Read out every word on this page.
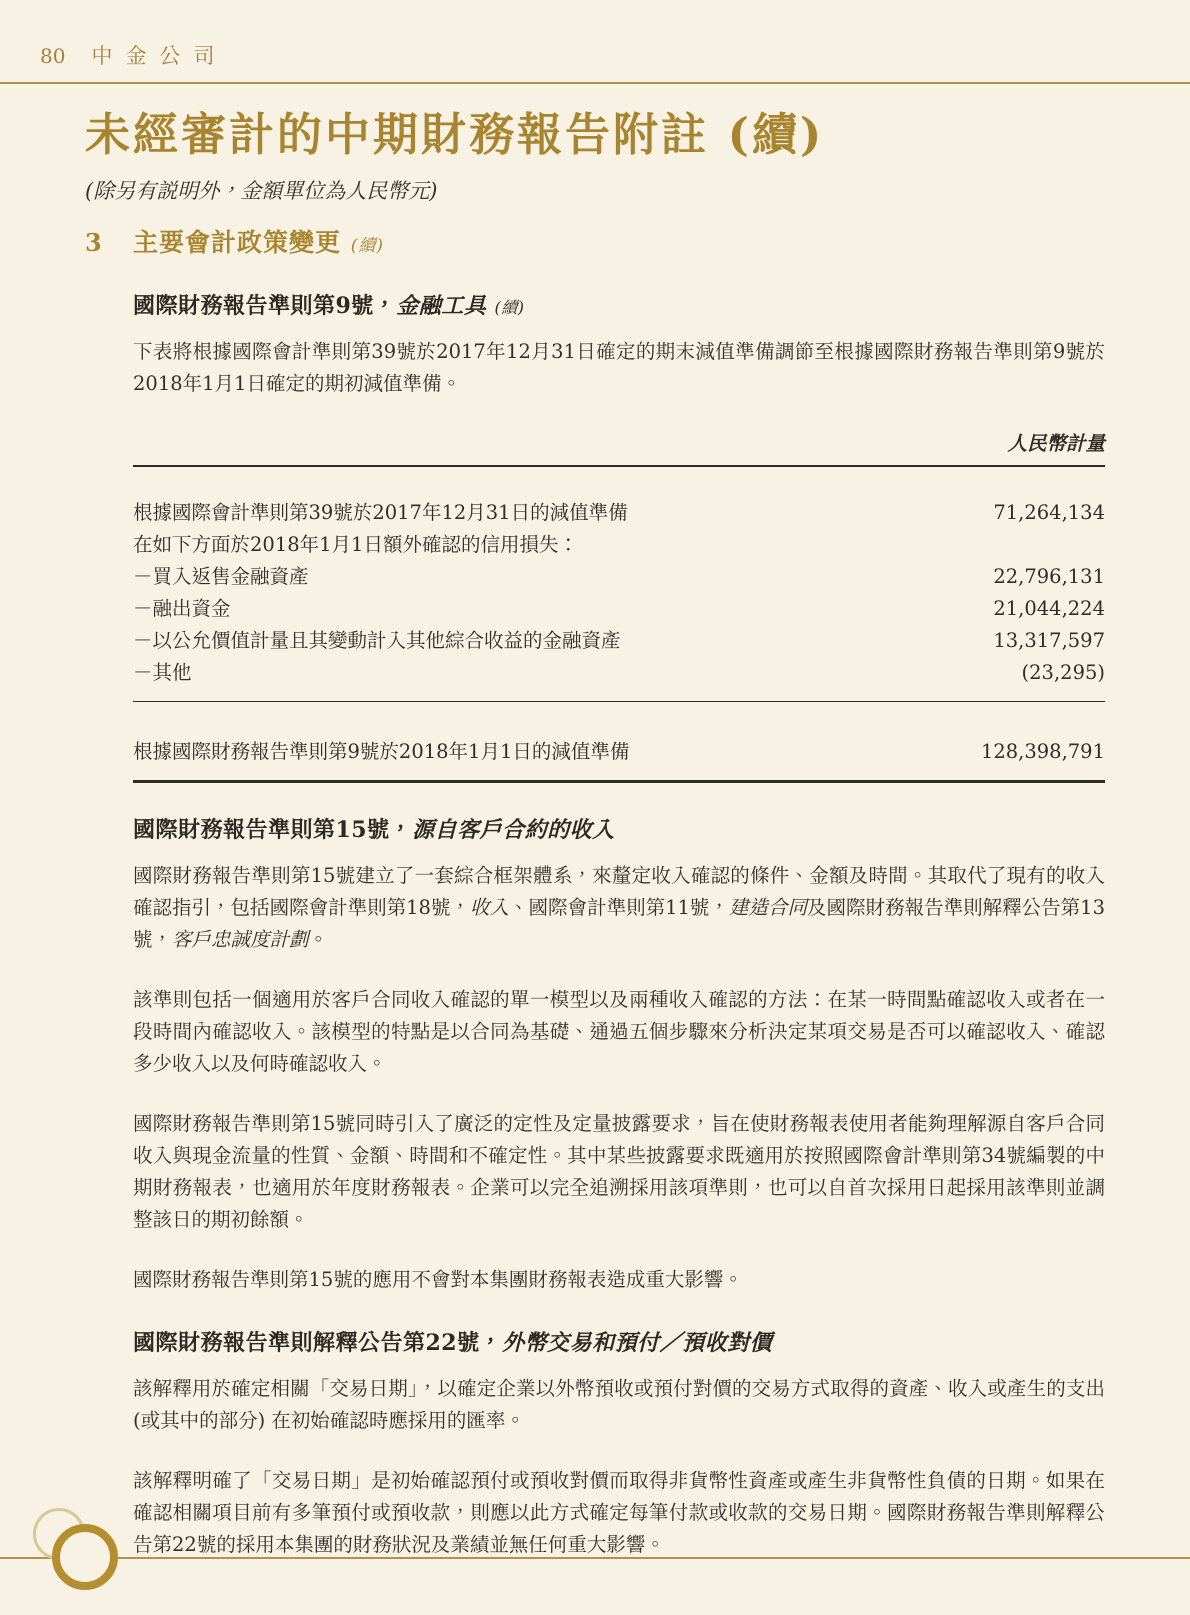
80 中金公司
未經審計的中期財務報告附註 (續)

(除另有説明外，金額單位為人民幣元)

3	主要會計政策變更 (續)
國際財務報告準則第9號，金融工具 (續)

下表將根據國際會計準則第39號於2017年12月31日確定的期末減值準備調節至根據國際財務報告準則第9號於2018年1月1日確定的期初減值準備。

人民幣計量
根據國際會計準則第39號於2017年12月31日的減值準備	71,264,134
在如下方面於2018年1月1日額外確認的信用損失：
－買入返售金融資產	22,796,131
－融出資金	21,044,224
－以公允價值計量且其變動計入其他綜合收益的金融資產	13,317,597
－其他	(23,295)
根據國際財務報告準則第9號於2018年1月1日的減值準備	128,398,791
國際財務報告準則第15號，源自客戶合約的收入

國際財務報告準則第15號建立了一套綜合框架體系，來釐定收入確認的條件、金額及時間。其取代了現有的收入確認指引，包括國際會計準則第18號，收入、國際會計準則第11號，建造合同及國際財務報告準則解釋公告第13號，客戶忠誠度計劃。

該準則包括一個適用於客戶合同收入確認的單一模型以及兩種收入確認的方法：在某一時間點確認收入或者在一段時間內確認收入。該模型的特點是以合同為基礎、通過五個步驟來分析決定某項交易是否可以確認收入、確認多少收入以及何時確認收入。

國際財務報告準則第15號同時引入了廣泛的定性及定量披露要求，旨在使財務報表使用者能夠理解源自客戶合同收入與現金流量的性質、金額、時間和不確定性。其中某些披露要求既適用於按照國際會計準則第34號編製的中期財務報表，也適用於年度財務報表。企業可以完全追溯採用該項準則，也可以自首次採用日起採用該準則並調整該日的期初餘額。

國際財務報告準則第15號的應用不會對本集團財務報表造成重大影響。

國際財務報告準則解釋公告第22號，外幣交易和預付／預收對價

該解釋用於確定相關「交易日期」，以確定企業以外幣預收或預付對價的交易方式取得的資產、收入或產生的支出 (或其中的部分) 在初始確認時應採用的匯率。

該解釋明確了「交易日期」是初始確認預付或預收對價而取得非貨幣性資產或產生非貨幣性負債的日期。如果在確認相關項目前有多筆預付或預收款，則應以此方式確定每筆付款或收款的交易日期。國際財務報告準則解釋公告第22號的採用本集團的財務狀況及業績並無任何重大影響。
